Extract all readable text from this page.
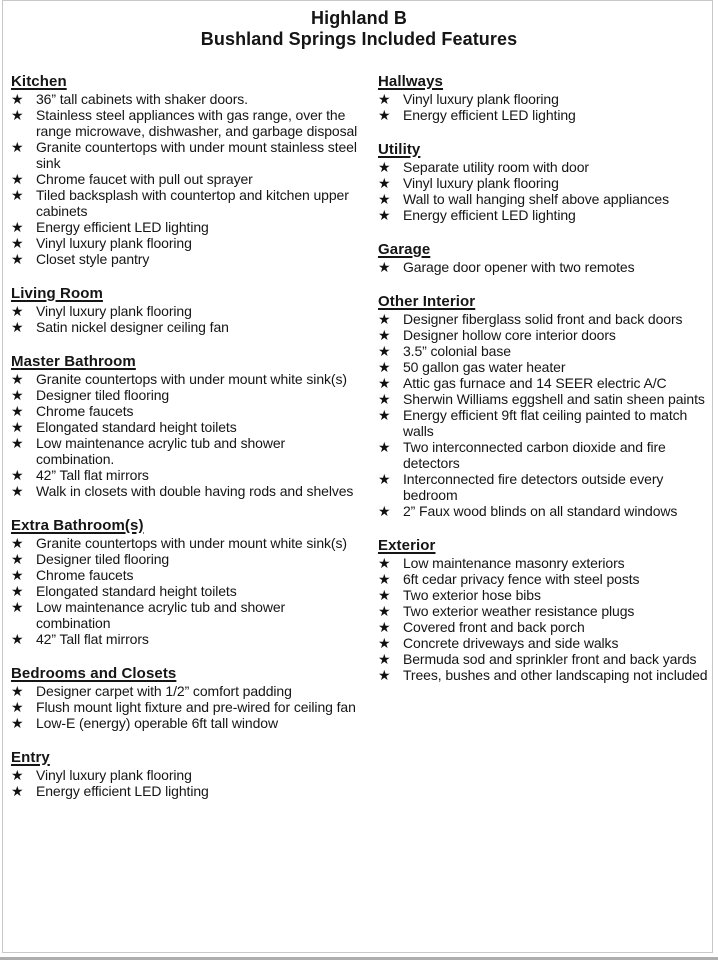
Highland B
Bushland Springs Included Features
Kitchen
★ 36” tall cabinets with shaker doors.
★ Stainless steel appliances with gas range, over the range microwave, dishwasher, and garbage disposal
★ Granite countertops with under mount stainless steel sink
★ Chrome faucet with pull out sprayer
★ Tiled backsplash with countertop and kitchen upper cabinets
★ Energy efficient LED lighting
★ Vinyl luxury plank flooring
★ Closet style pantry
Living Room
★ Vinyl luxury plank flooring
★ Satin nickel designer ceiling fan
Master Bathroom
★ Granite countertops with under mount white sink(s)
★ Designer tiled flooring
★ Chrome faucets
★ Elongated standard height toilets
★ Low maintenance acrylic tub and shower combination.
★ 42” Tall flat mirrors
★ Walk in closets with double having rods and shelves
Extra Bathroom(s)
★ Granite countertops with under mount white sink(s)
★ Designer tiled flooring
★ Chrome faucets
★ Elongated standard height toilets
★ Low maintenance acrylic tub and shower combination
★ 42” Tall flat mirrors
Bedrooms and Closets
★ Designer carpet with 1/2” comfort padding
★ Flush mount light fixture and pre-wired for ceiling fan
★ Low-E (energy) operable 6ft tall window
Entry
★ Vinyl luxury plank flooring
★ Energy efficient LED lighting
Hallways
★ Vinyl luxury plank flooring
★ Energy efficient LED lighting
Utility
★ Separate utility room with door
★ Vinyl luxury plank flooring
★ Wall to wall hanging shelf above appliances
★ Energy efficient LED lighting
Garage
★ Garage door opener with two remotes
Other Interior
★ Designer fiberglass solid front and back doors
★ Designer hollow core interior doors
★ 3.5” colonial base
★ 50 gallon gas water heater
★ Attic gas furnace and 14 SEER electric A/C
★ Sherwin Williams eggshell and satin sheen paints
★ Energy efficient 9ft flat ceiling painted to match walls
★ Two interconnected carbon dioxide and fire detectors
★ Interconnected fire detectors outside every bedroom
★ 2” Faux wood blinds on all standard windows
Exterior
★ Low maintenance masonry exteriors
★ 6ft cedar privacy fence with steel posts
★ Two exterior hose bibs
★ Two exterior weather resistance plugs
★ Covered front and back porch
★ Concrete driveways and side walks
★ Bermuda sod and sprinkler front and back yards
★ Trees, bushes and other landscaping not included
